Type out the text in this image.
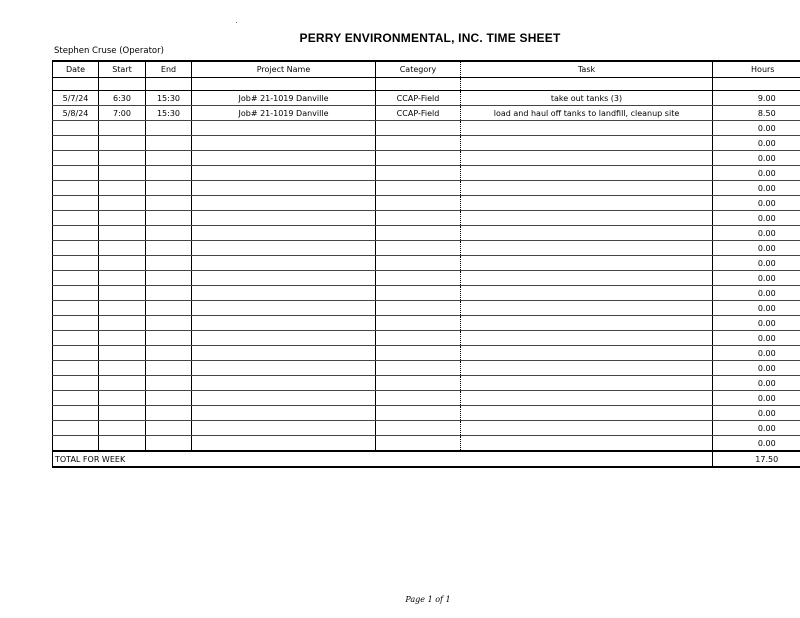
PERRY ENVIRONMENTAL, INC. TIME SHEET
Stephen Cruse (Operator)
Date	Start	End	Project Name	Category	Task	Hours

5/7/24	6:30	15:30	Job# 21-1019 Danville	CCAP-Field	take out tanks (3)	9.00
5/8/24	7:00	15:30	Job# 21-1019 Danville	CCAP-Field	load and haul off tanks to landfill, cleanup site	8.50
						0.00
						0.00
						0.00
						0.00
						0.00
						0.00
						0.00
						0.00
						0.00
						0.00
						0.00
						0.00
						0.00
						0.00
						0.00
						0.00
						0.00
						0.00
						0.00
						0.00
						0.00
						0.00
TOTAL FOR WEEK						17.50
Page 1 of 1
